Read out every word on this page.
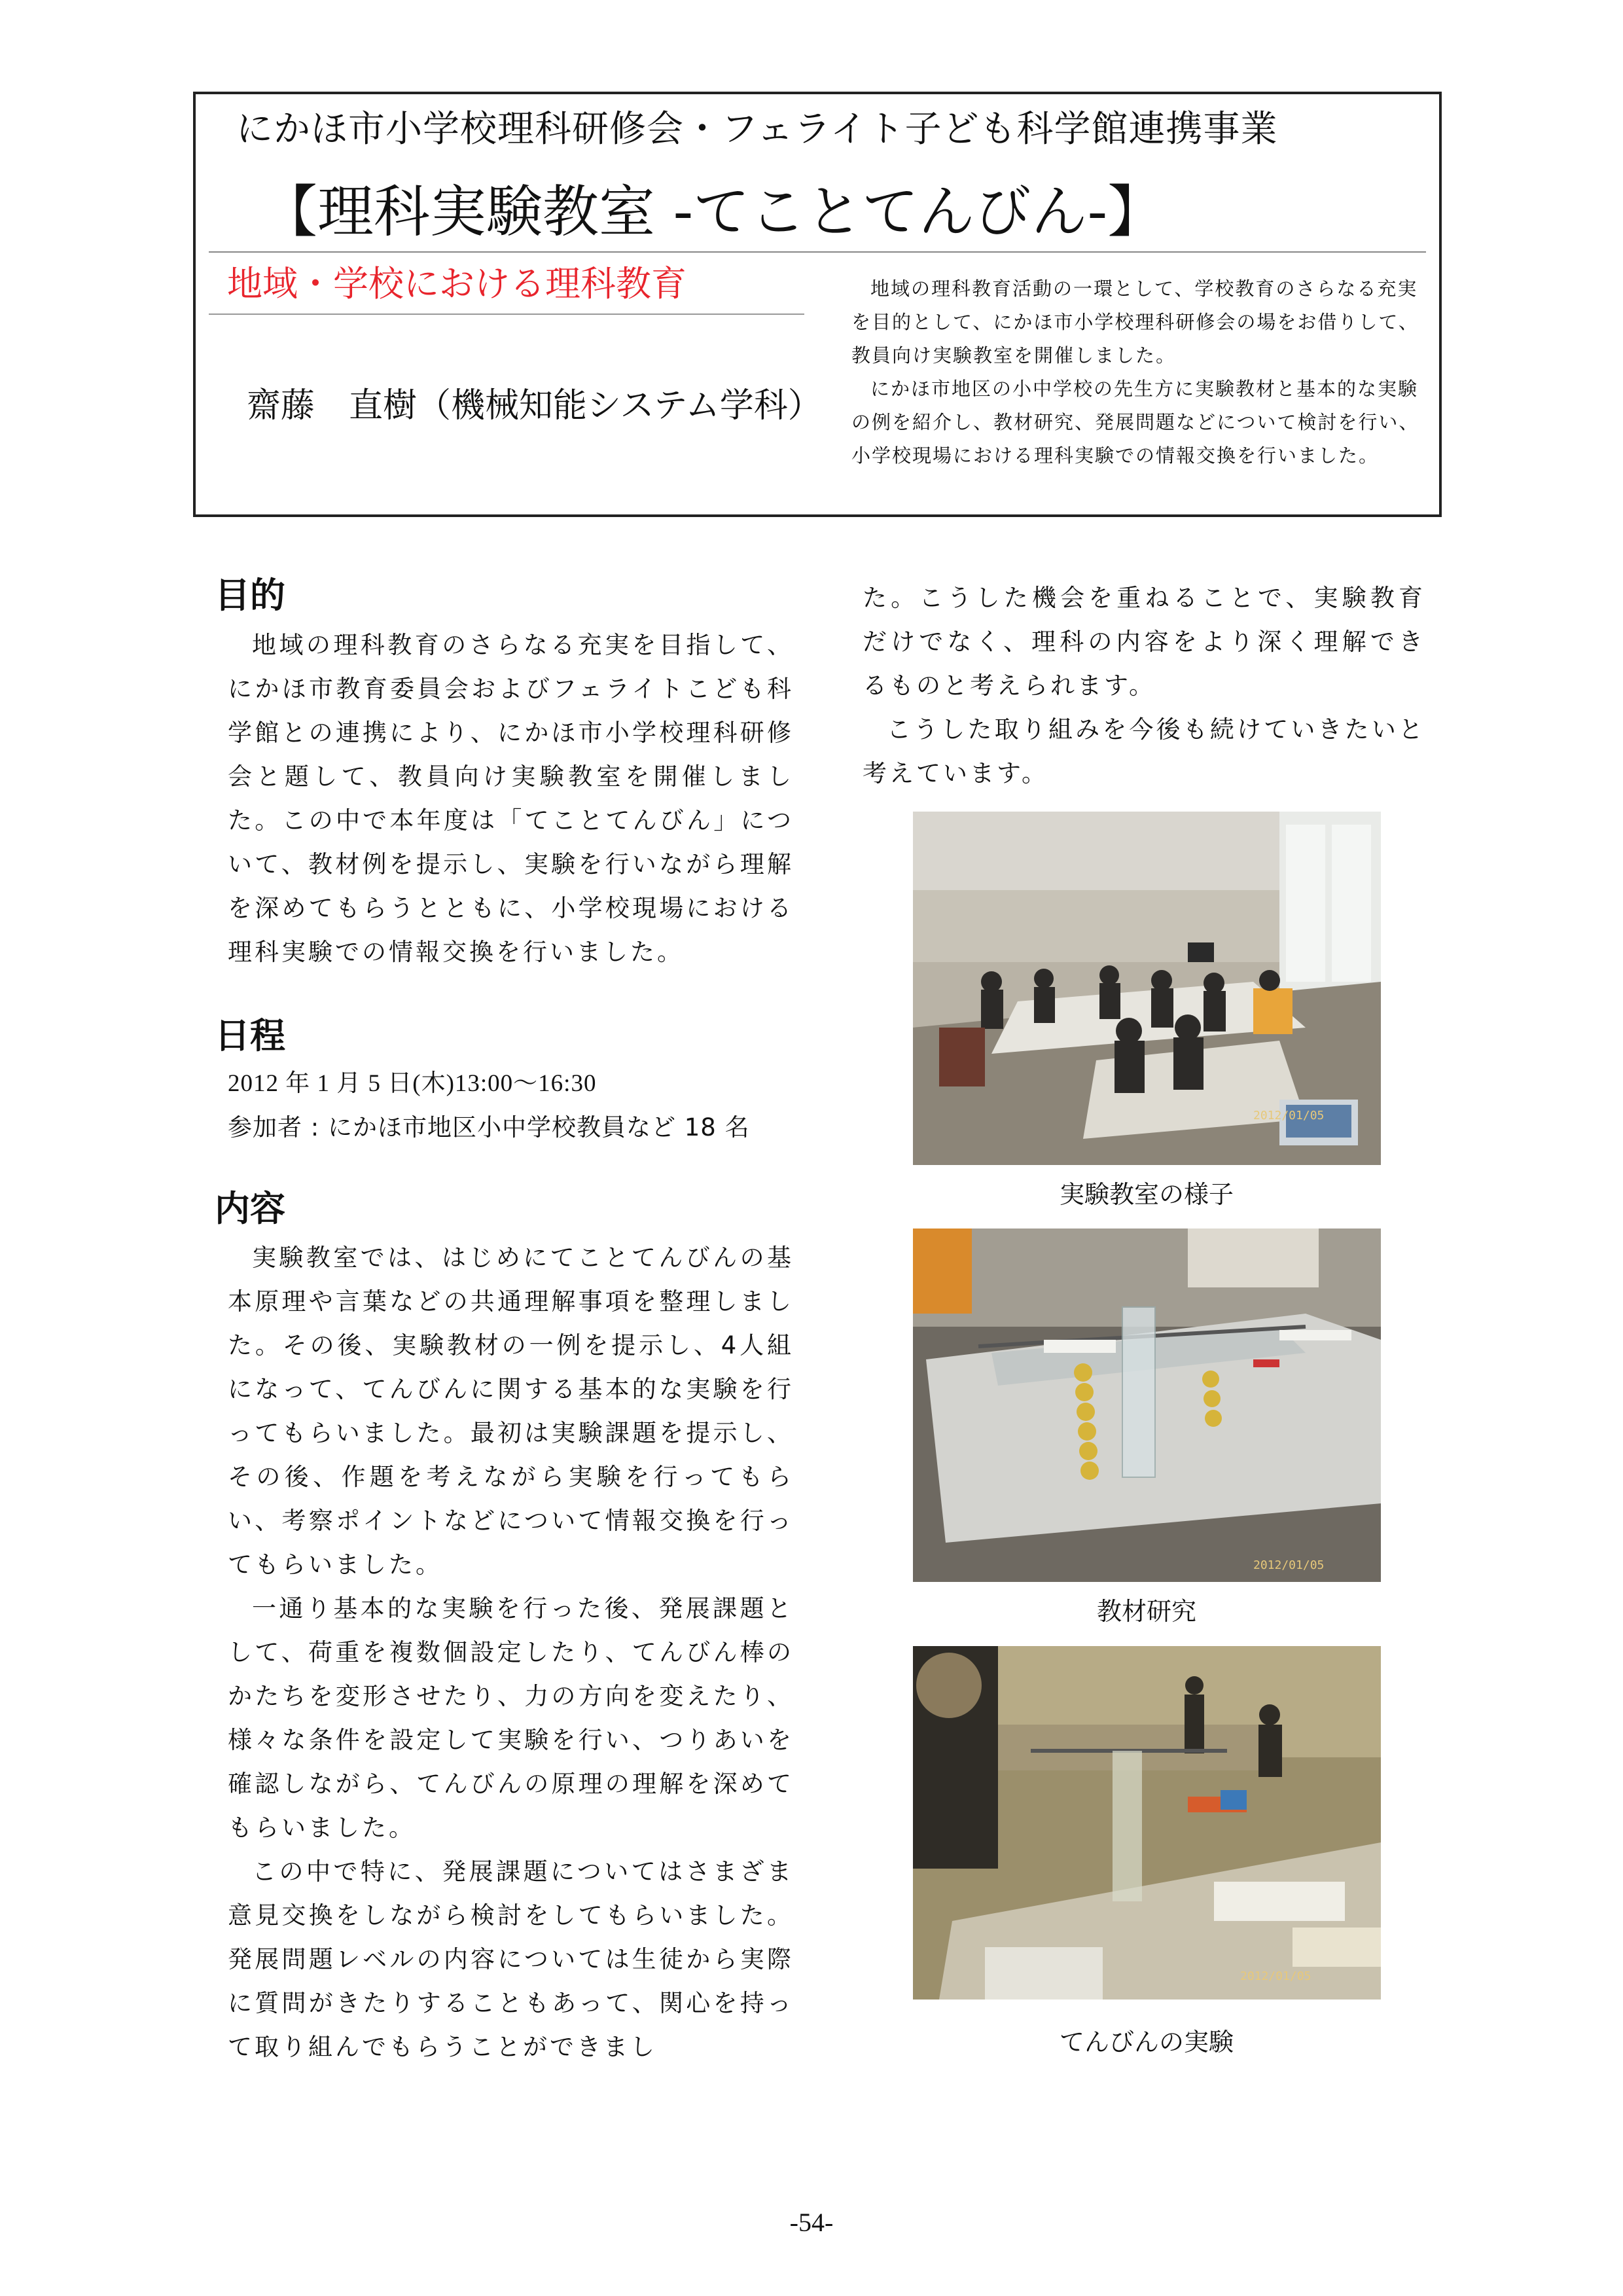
にかほ市小学校理科研修会・フェライト子ども科学館連携事業
【理科実験教室 -てことてんびん-】
地域・学校における理科教育
齋藤　直樹（機械知能システム学科）

地域の理科教育活動の一環として、学校教育のさらなる充実を目的として、にかほ市小学校理科研修会の場をお借りして、教員向け実験教室を開催しました。

にかほ市地区の小中学校の先生方に実験教材と基本的な実験の例を紹介し、教材研究、発展問題などについて検討を行い、小学校現場における理科実験での情報交換を行いました。

目的

地域の理科教育のさらなる充実を目指して、にかほ市教育委員会およびフェライトこども科学館との連携により、にかほ市小学校理科研修会と題して、教員向け実験教室を開催しました。この中で本年度は「てことてんびん」について、教材例を提示し、実験を行いながら理解を深めてもらうとともに、小学校現場における理科実験での情報交換を行いました。

日程
2012 年 1 月 5 日(木)13:00～16:30
参加者 : にかほ市地区小中学校教員など 18 名
内容

実験教室では、はじめにてことてんびんの基本原理や言葉などの共通理解事項を整理しました。その後、実験教材の一例を提示し、4人組になって、てんびんに関する基本的な実験を行ってもらいました。最初は実験課題を提示し、その後、作題を考えながら実験を行ってもらい、考察ポイントなどについて情報交換を行ってもらいました。

一通り基本的な実験を行った後、発展課題として、荷重を複数個設定したり、てんびん棒のかたちを変形させたり、力の方向を変えたり、様々な条件を設定して実験を行い、つりあいを確認しながら、てんびんの原理の理解を深めてもらいました。

この中で特に、発展課題についてはさまざま意見交換をしながら検討をしてもらいました。発展問題レベルの内容については生徒から実際に質問がきたりすることもあって、関心を持って取り組んでもらうことができまし

た。こうした機会を重ねることで、実験教育だけでなく、理科の内容をより深く理解できるものと考えられます。

こうした取り組みを今後も続けていきたいと考えています。

2012/01/05
実験教室の様子
2012/01/05
教材研究
2012/01/05
てんびんの実験
-54-
